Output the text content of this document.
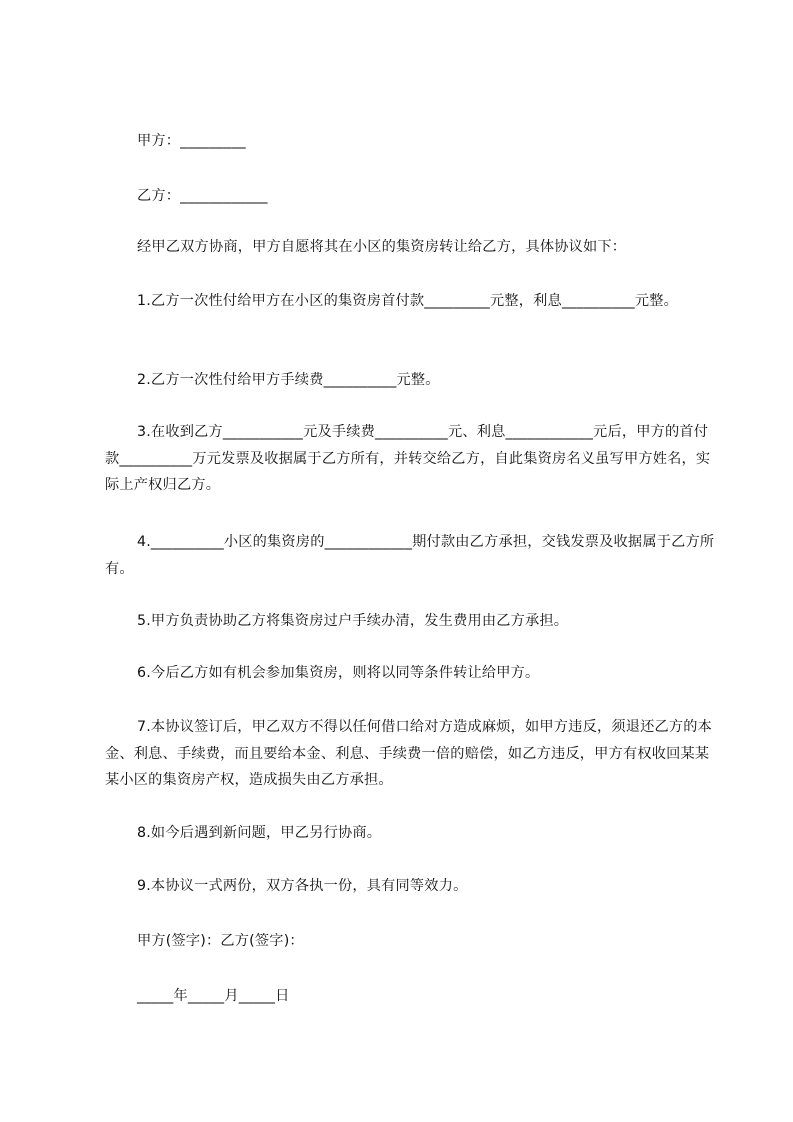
甲方：_________

乙方：____________

经甲乙双方协商，甲方自愿将其在小区的集资房转让给乙方，具体协议如下：

1.乙方一次性付给甲方在小区的集资房首付款_________元整，利息__________元整。

2.乙方一次性付给甲方手续费__________元整。

3.在收到乙方___________元及手续费__________元、利息____________元后，甲方的首付款__________万元发票及收据属于乙方所有，并转交给乙方，自此集资房名义虽写甲方姓名，实际上产权归乙方。

4.__________小区的集资房的____________期付款由乙方承担，交钱发票及收据属于乙方所有。

5.甲方负责协助乙方将集资房过户手续办清，发生费用由乙方承担。

6.今后乙方如有机会参加集资房，则将以同等条件转让给甲方。

7.本协议签订后，甲乙双方不得以任何借口给对方造成麻烦，如甲方违反，须退还乙方的本金、利息、手续费，而且要给本金、利息、手续费一倍的赔偿，如乙方违反，甲方有权收回某某某小区的集资房产权，造成损失由乙方承担。

8.如今后遇到新问题，甲乙另行协商。

9.本协议一式两份，双方各执一份，具有同等效力。

甲方(签字)：乙方(签字)：

_____年_____月_____日
